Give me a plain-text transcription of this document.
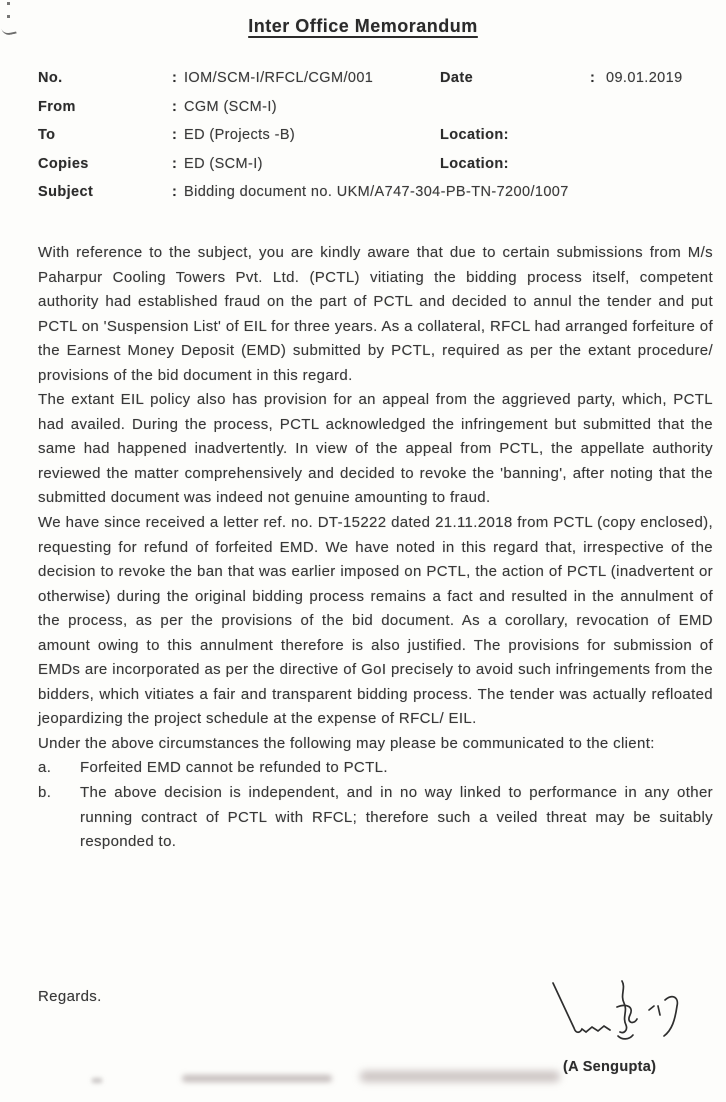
Inter Office Memorandum
No.	: IOM/SCM-I/RFCL/CGM/001	Date	: 09.01.2019
From	: CGM (SCM-I)
To	: ED (Projects -B)	Location:
Copies	: ED (SCM-I)	Location:
Subject	: Bidding document no. UKM/A747-304-PB-TN-7200/1007

With reference to the subject, you are kindly aware that due to certain submissions from M/s Paharpur Cooling Towers Pvt. Ltd. (PCTL) vitiating the bidding process itself, competent authority had established fraud on the part of PCTL and decided to annul the tender and put PCTL on 'Suspension List' of EIL for three years. As a collateral, RFCL had arranged forfeiture of the Earnest Money Deposit (EMD) submitted by PCTL, required as per the extant procedure/ provisions of the bid document in this regard.

The extant EIL policy also has provision for an appeal from the aggrieved party, which, PCTL had availed. During the process, PCTL acknowledged the infringement but submitted that the same had happened inadvertently. In view of the appeal from PCTL, the appellate authority reviewed the matter comprehensively and decided to revoke the 'banning', after noting that the submitted document was indeed not genuine amounting to fraud.

We have since received a letter ref. no. DT-15222 dated 21.11.2018 from PCTL (copy enclosed), requesting for refund of forfeited EMD. We have noted in this regard that, irrespective of the decision to revoke the ban that was earlier imposed on PCTL, the action of PCTL (inadvertent or otherwise) during the original bidding process remains a fact and resulted in the annulment of the process, as per the provisions of the bid document. As a corollary, revocation of EMD amount owing to this annulment therefore is also justified. The provisions for submission of EMDs are incorporated as per the directive of GoI precisely to avoid such infringements from the bidders, which vitiates a fair and transparent bidding process. The tender was actually refloated jeopardizing the project schedule at the expense of RFCL/ EIL.

Under the above circumstances the following may please be communicated to the client:

a.	Forfeited EMD cannot be refunded to PCTL.
b.	The above decision is independent, and in no way linked to performance in any other running contract of PCTL with RFCL; therefore such a veiled threat may be suitably responded to.
Regards.
(A Sengupta)
